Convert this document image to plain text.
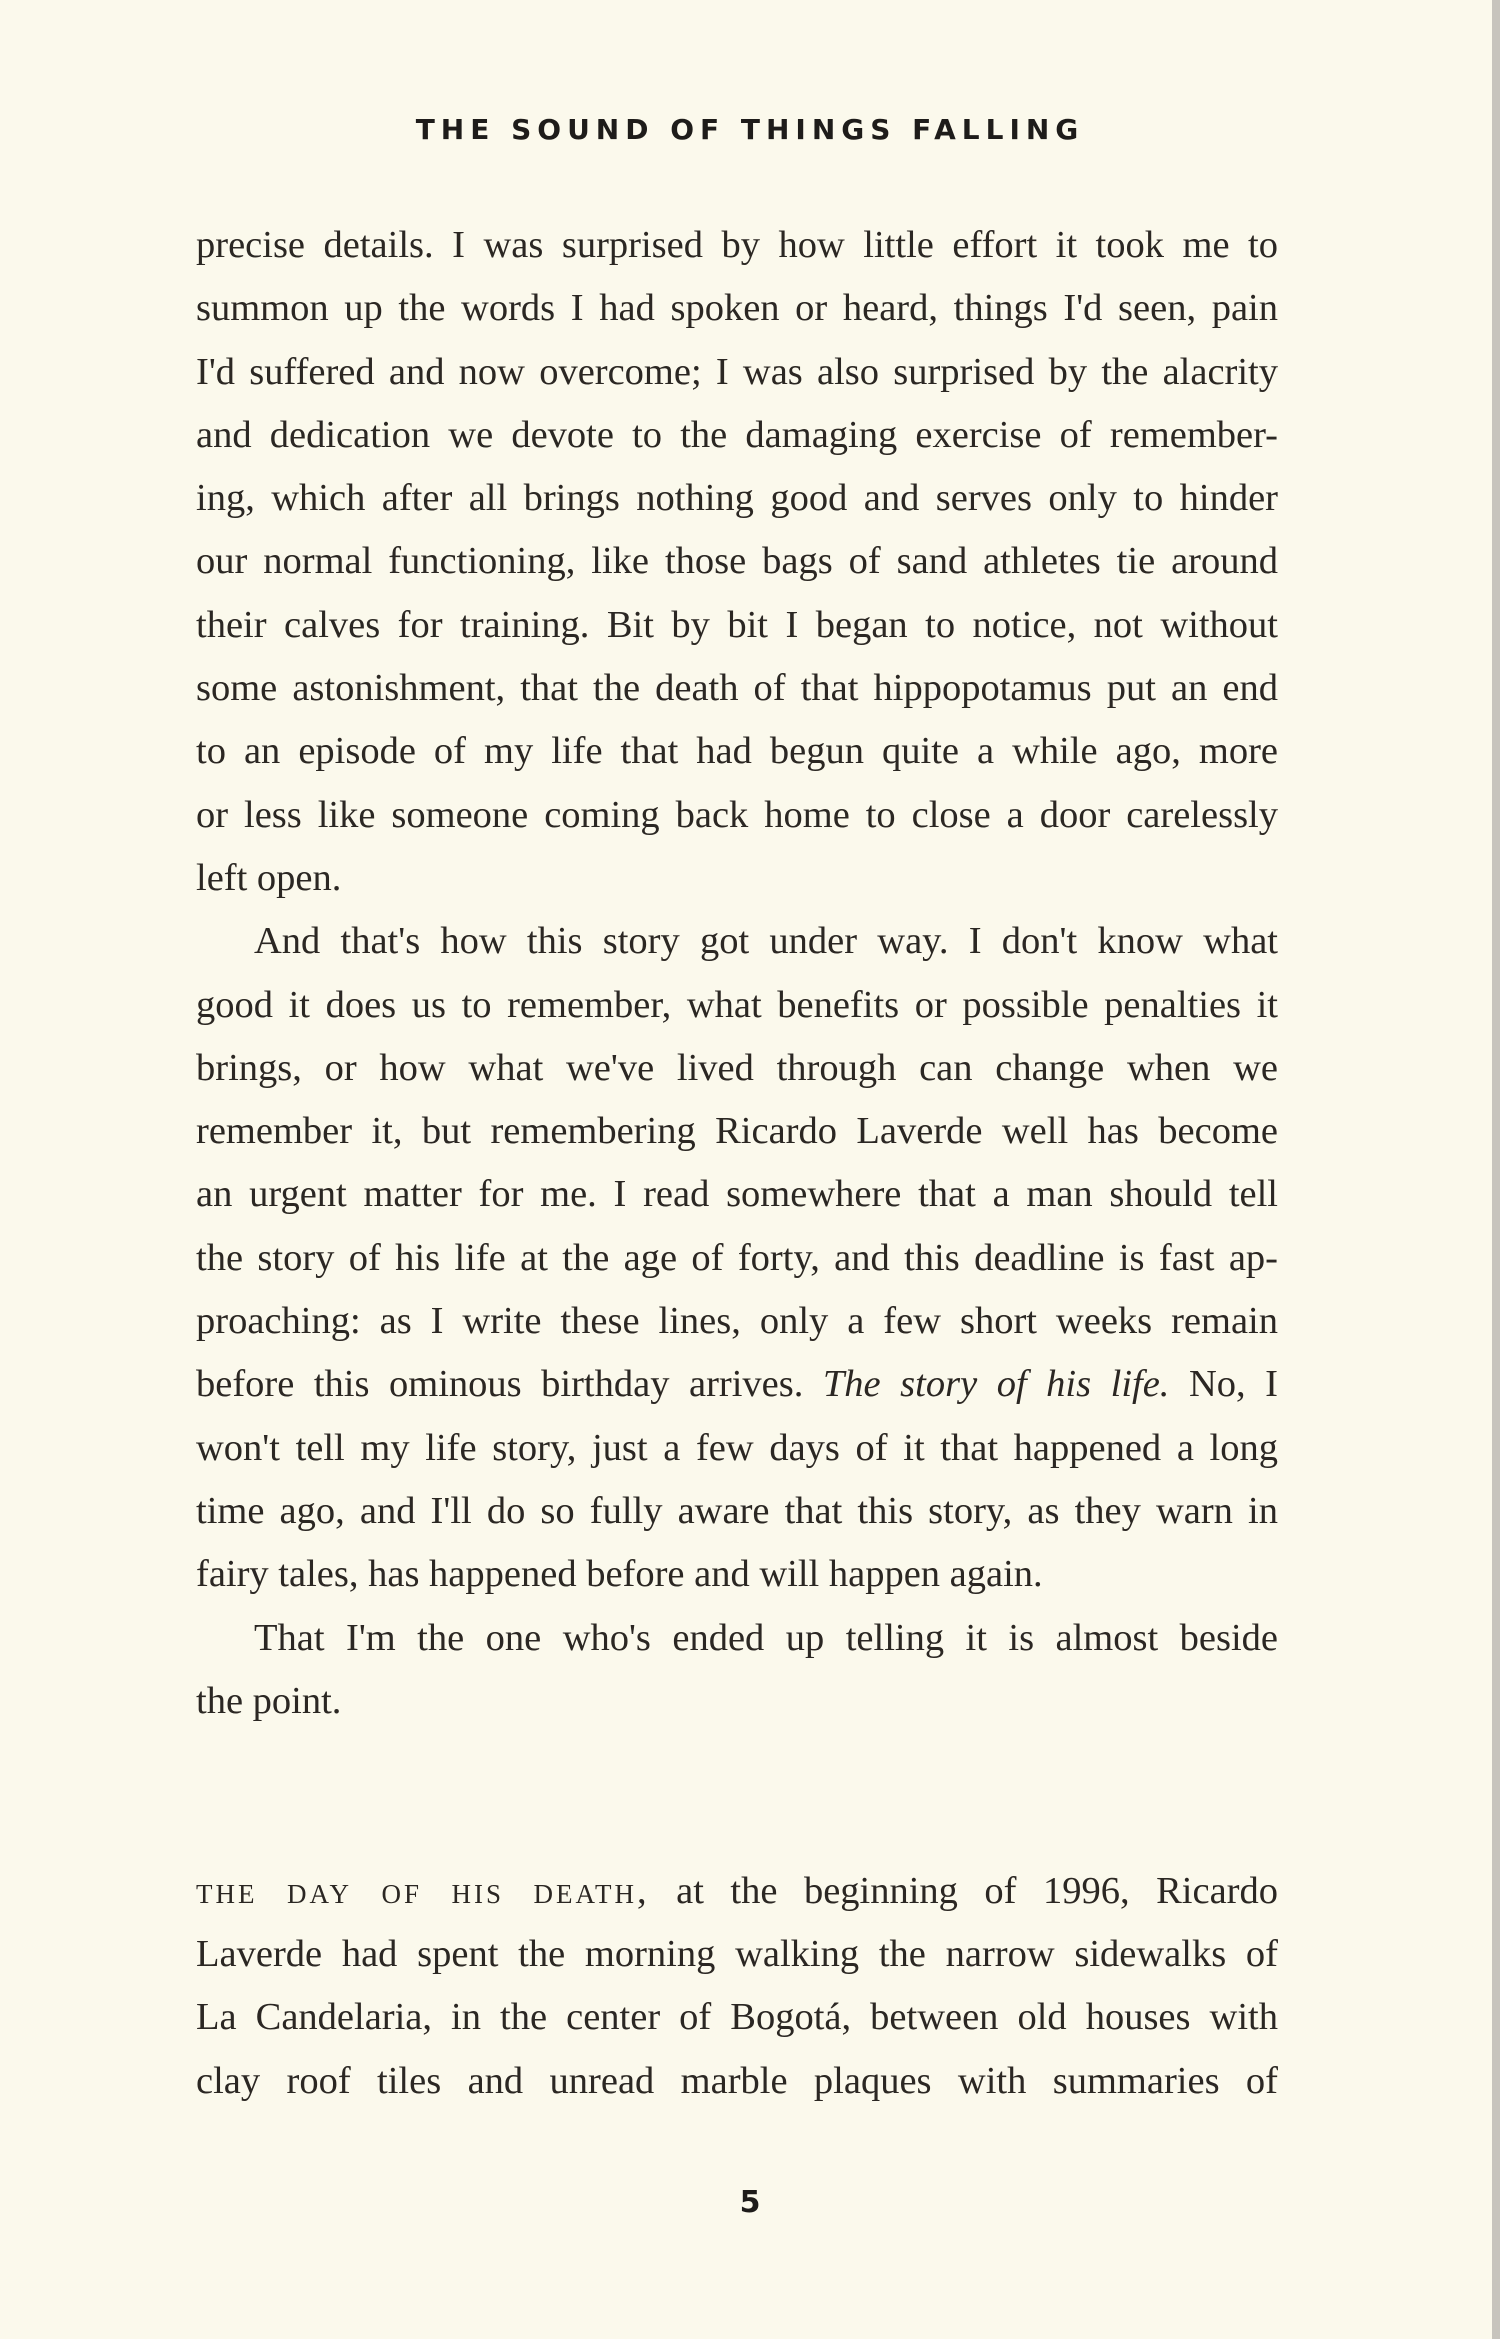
THE SOUND OF THINGS FALLING
precise details. I was surprised by how little effort it took me to
summon up the words I had spoken or heard, things I'd seen, pain
I'd suffered and now overcome; I was also surprised by the alacrity
and dedication we devote to the damaging exercise of remember-
ing, which after all brings nothing good and serves only to hinder
our normal functioning, like those bags of sand athletes tie around
their calves for training. Bit by bit I began to notice, not without
some astonishment, that the death of that hippopotamus put an end
to an episode of my life that had begun quite a while ago, more
or less like someone coming back home to close a door carelessly
left open.
And that's how this story got under way. I don't know what
good it does us to remember, what benefits or possible penalties it
brings, or how what we've lived through can change when we
remember it, but remembering Ricardo Laverde well has become
an urgent matter for me. I read somewhere that a man should tell
the story of his life at the age of forty, and this deadline is fast ap-
proaching: as I write these lines, only a few short weeks remain
before this ominous birthday arrives. The story of his life. No, I
won't tell my life story, just a few days of it that happened a long
time ago, and I'll do so fully aware that this story, as they warn in
fairy tales, has happened before and will happen again.
That I'm the one who's ended up telling it is almost beside
the point.
the day of his death, at the beginning of 1996, Ricardo
Laverde had spent the morning walking the narrow sidewalks of
La Candelaria, in the center of Bogotá, between old houses with
clay roof tiles and unread marble plaques with summaries of
5
